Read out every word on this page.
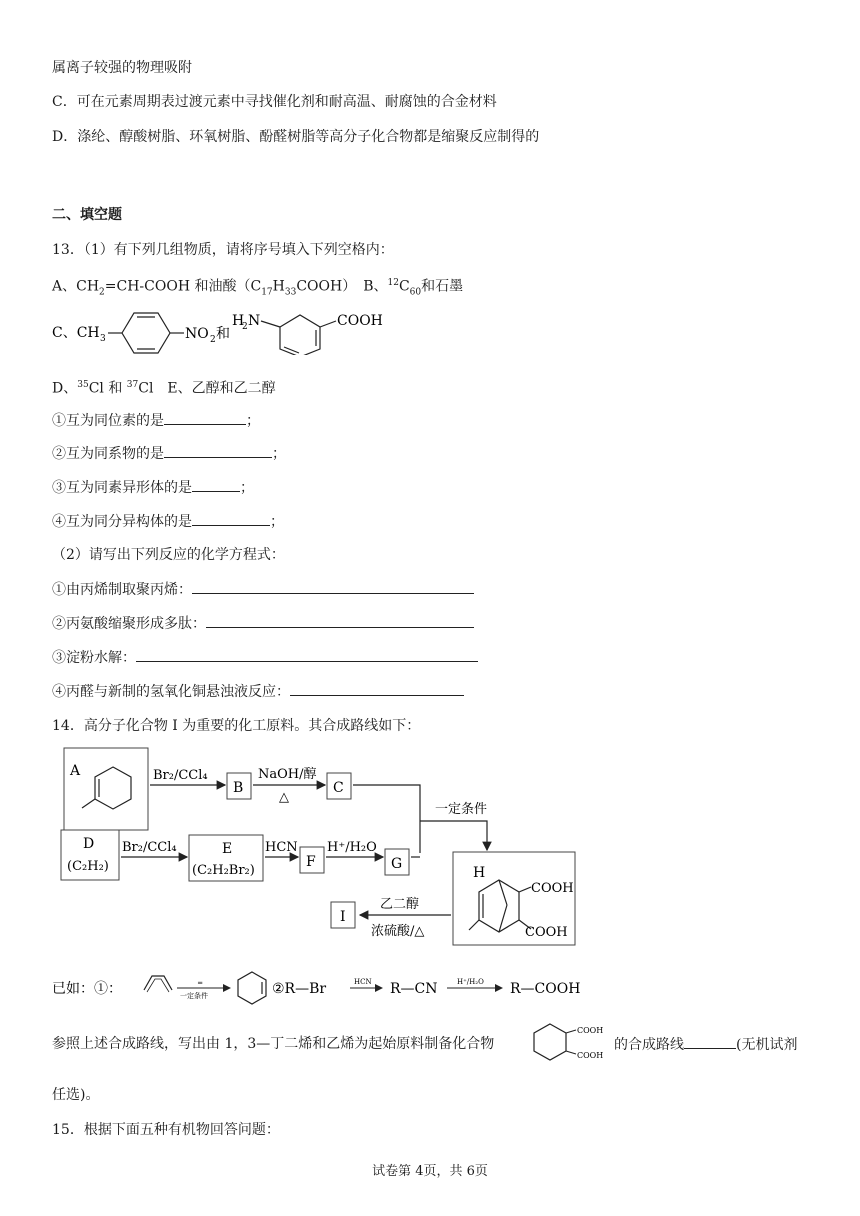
属离子较强的物理吸附
C．可在元素周期表过渡元素中寻找催化剂和耐高温、耐腐蚀的合金材料
D．涤纶、醇酸树脂、环氧树脂、酚醛树脂等高分子化合物都是缩聚反应制得的
二、填空题
13．（1）有下列几组物质，请将序号填入下列空格内：
A、$CH_2=CH$-COOH 和油酸$(C_{17}H_{33}COOH)$　B、$^{12}C_{60}$和石墨
C、CH 3	NO 2 和
H
2 N	COOH
D、$^{35}$Cl 和 $^{37}$Cl　E、乙醇和乙二醇
①互为同位素的是	；
②互为同系物的是	；
③互为同素异形体的是	；
④互为同分异构体的是	；
（2）请写出下列反应的化学方程式：
①由丙烯制取聚丙烯：
②丙氨酸缩聚形成多肽：
③淀粉水解：
④丙醛与新制的氢氧化铜悬浊液反应：
14．高分子化合物 I 为重要的化工原料。其合成路线如下：
A	Br₂/CCl₄
B
NaOH/醇
△
C
D
(C₂H₂)
Br₂/CCl₄	E
(C₂H₂Br₂)
HCN
F
H⁺/H₂O
G
一定条件
H
COOH
COOH
乙二醇
浓硫酸/△
I
已如：①：	═
一定条件	②R—Br	HCN R—CN	H⁺/H₂O R—COOH
参照上述合成路线，写出由 1，3—丁二烯和乙烯为起始原料制备化合物
COOH
COOH
的合成路线	(无机试剂
任选)。
15．根据下面五种有机物回答问题：
试卷第 4页，共 6页
